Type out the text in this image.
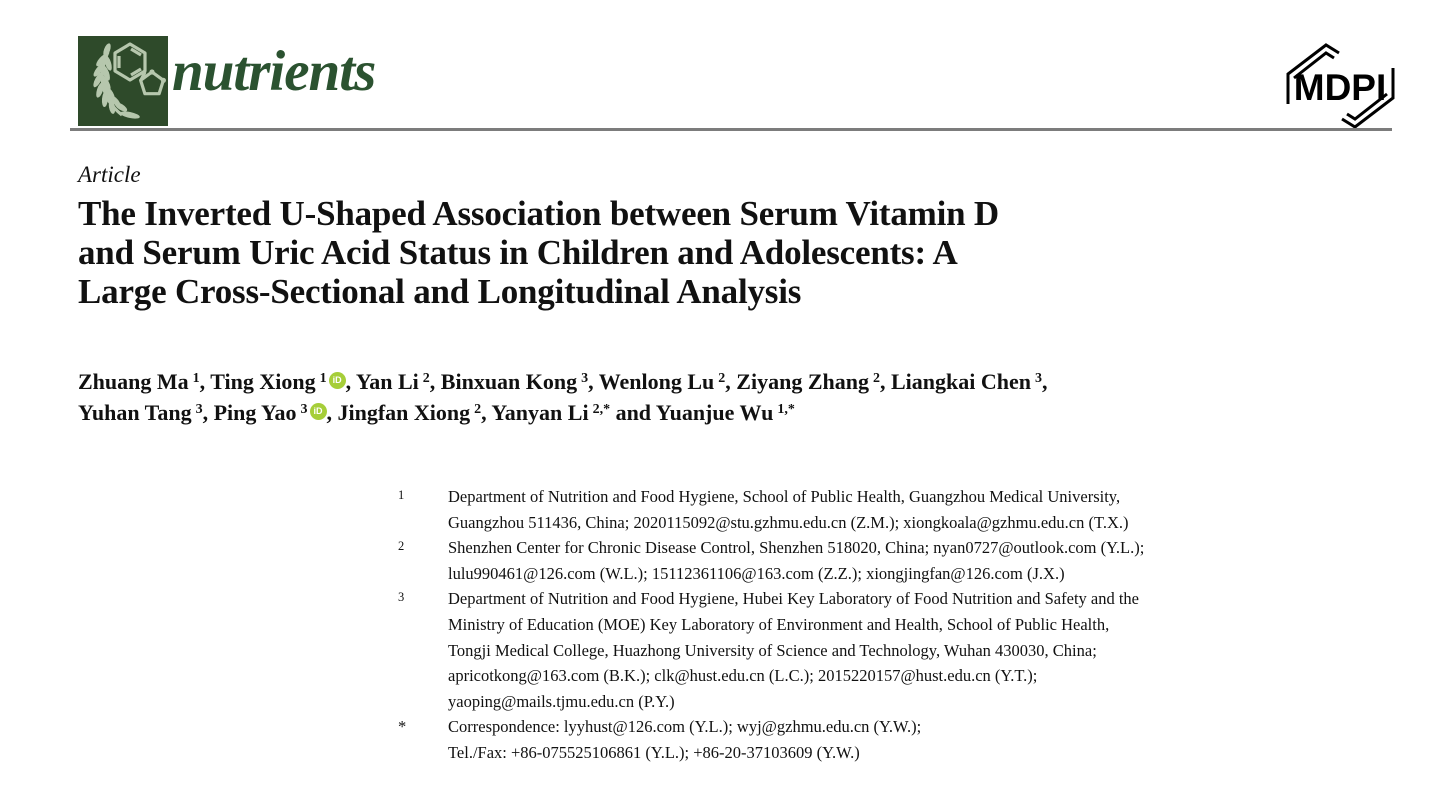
nutrients	MDPI
Article
The Inverted U-Shaped Association between Serum Vitamin D
and Serum Uric Acid Status in Children and Adolescents: A
Large Cross-Sectional and Longitudinal Analysis
Zhuang Ma $^1$, Ting Xiong $^1$ iD , Yan Li $^2$, Binxuan Kong $^3$, Wenlong Lu $^2$, Ziyang Zhang $^2$, Liangkai Chen $^3$,
Yuhan Tang $^3$, Ping Yao $^3$ iD , Jingfan Xiong $^2$, Yanyan Li $^{2,*}$ and Yuanjue Wu $^{1,*}$
1	Department of Nutrition and Food Hygiene, School of Public Health, Guangzhou Medical University,
Guangzhou 511436, China; 2020115092@stu.gzhmu.edu.cn (Z.M.); xiongkoala@gzhmu.edu.cn (T.X.)
2	Shenzhen Center for Chronic Disease Control, Shenzhen 518020, China; nyan0727@outlook.com (Y.L.);
lulu990461@126.com (W.L.); 15112361106@163.com (Z.Z.); xiongjingfan@126.com (J.X.)
3	Department of Nutrition and Food Hygiene, Hubei Key Laboratory of Food Nutrition and Safety and the
Ministry of Education (MOE) Key Laboratory of Environment and Health, School of Public Health,
Tongji Medical College, Huazhong University of Science and Technology, Wuhan 430030, China;
apricotkong@163.com (B.K.); clk@hust.edu.cn (L.C.); 2015220157@hust.edu.cn (Y.T.);
yaoping@mails.tjmu.edu.cn (P.Y.)
*	Correspondence: lyyhust@126.com (Y.L.); wyj@gzhmu.edu.cn (Y.W.);
Tel./Fax: +86-075525106861 (Y.L.); +86-20-37103609 (Y.W.)
